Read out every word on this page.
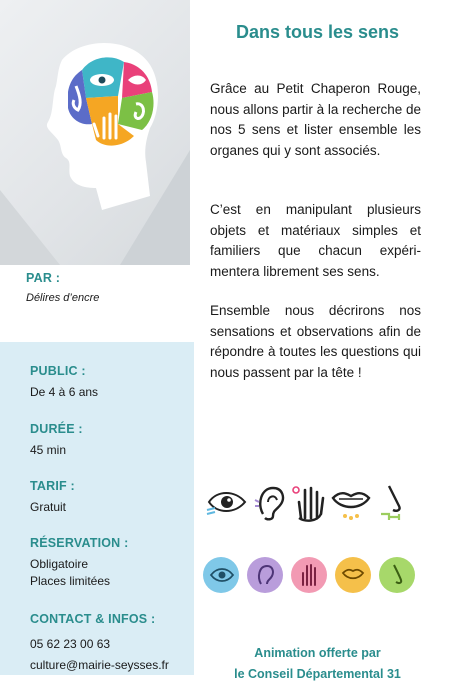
PAR :
Délires d’encre
PUBLIC :
De 4 à 6 ans
DURÉE :
45 min
TARIF :
Gratuit
RÉSERVATION :
Obligatoire
Places limitées
CONTACT & INFOS :
05 62 23 00 63
culture@mairie-seysses.fr
Dans tous les sens

Grâce au Petit Chaperon Rouge, nous allons partir à la recherche de nos 5 sens et lister ensemble les organes qui y sont associés.

C’est en manipulant plusieurs objets et matériaux simples et familiers que chacun expéri-mentera librement ses sens.

Ensemble nous décrirons nos sensations et observations afin de répondre à toutes les questions qui nous passent par la tête !

Animation offerte par
le Conseil Départemental 31
